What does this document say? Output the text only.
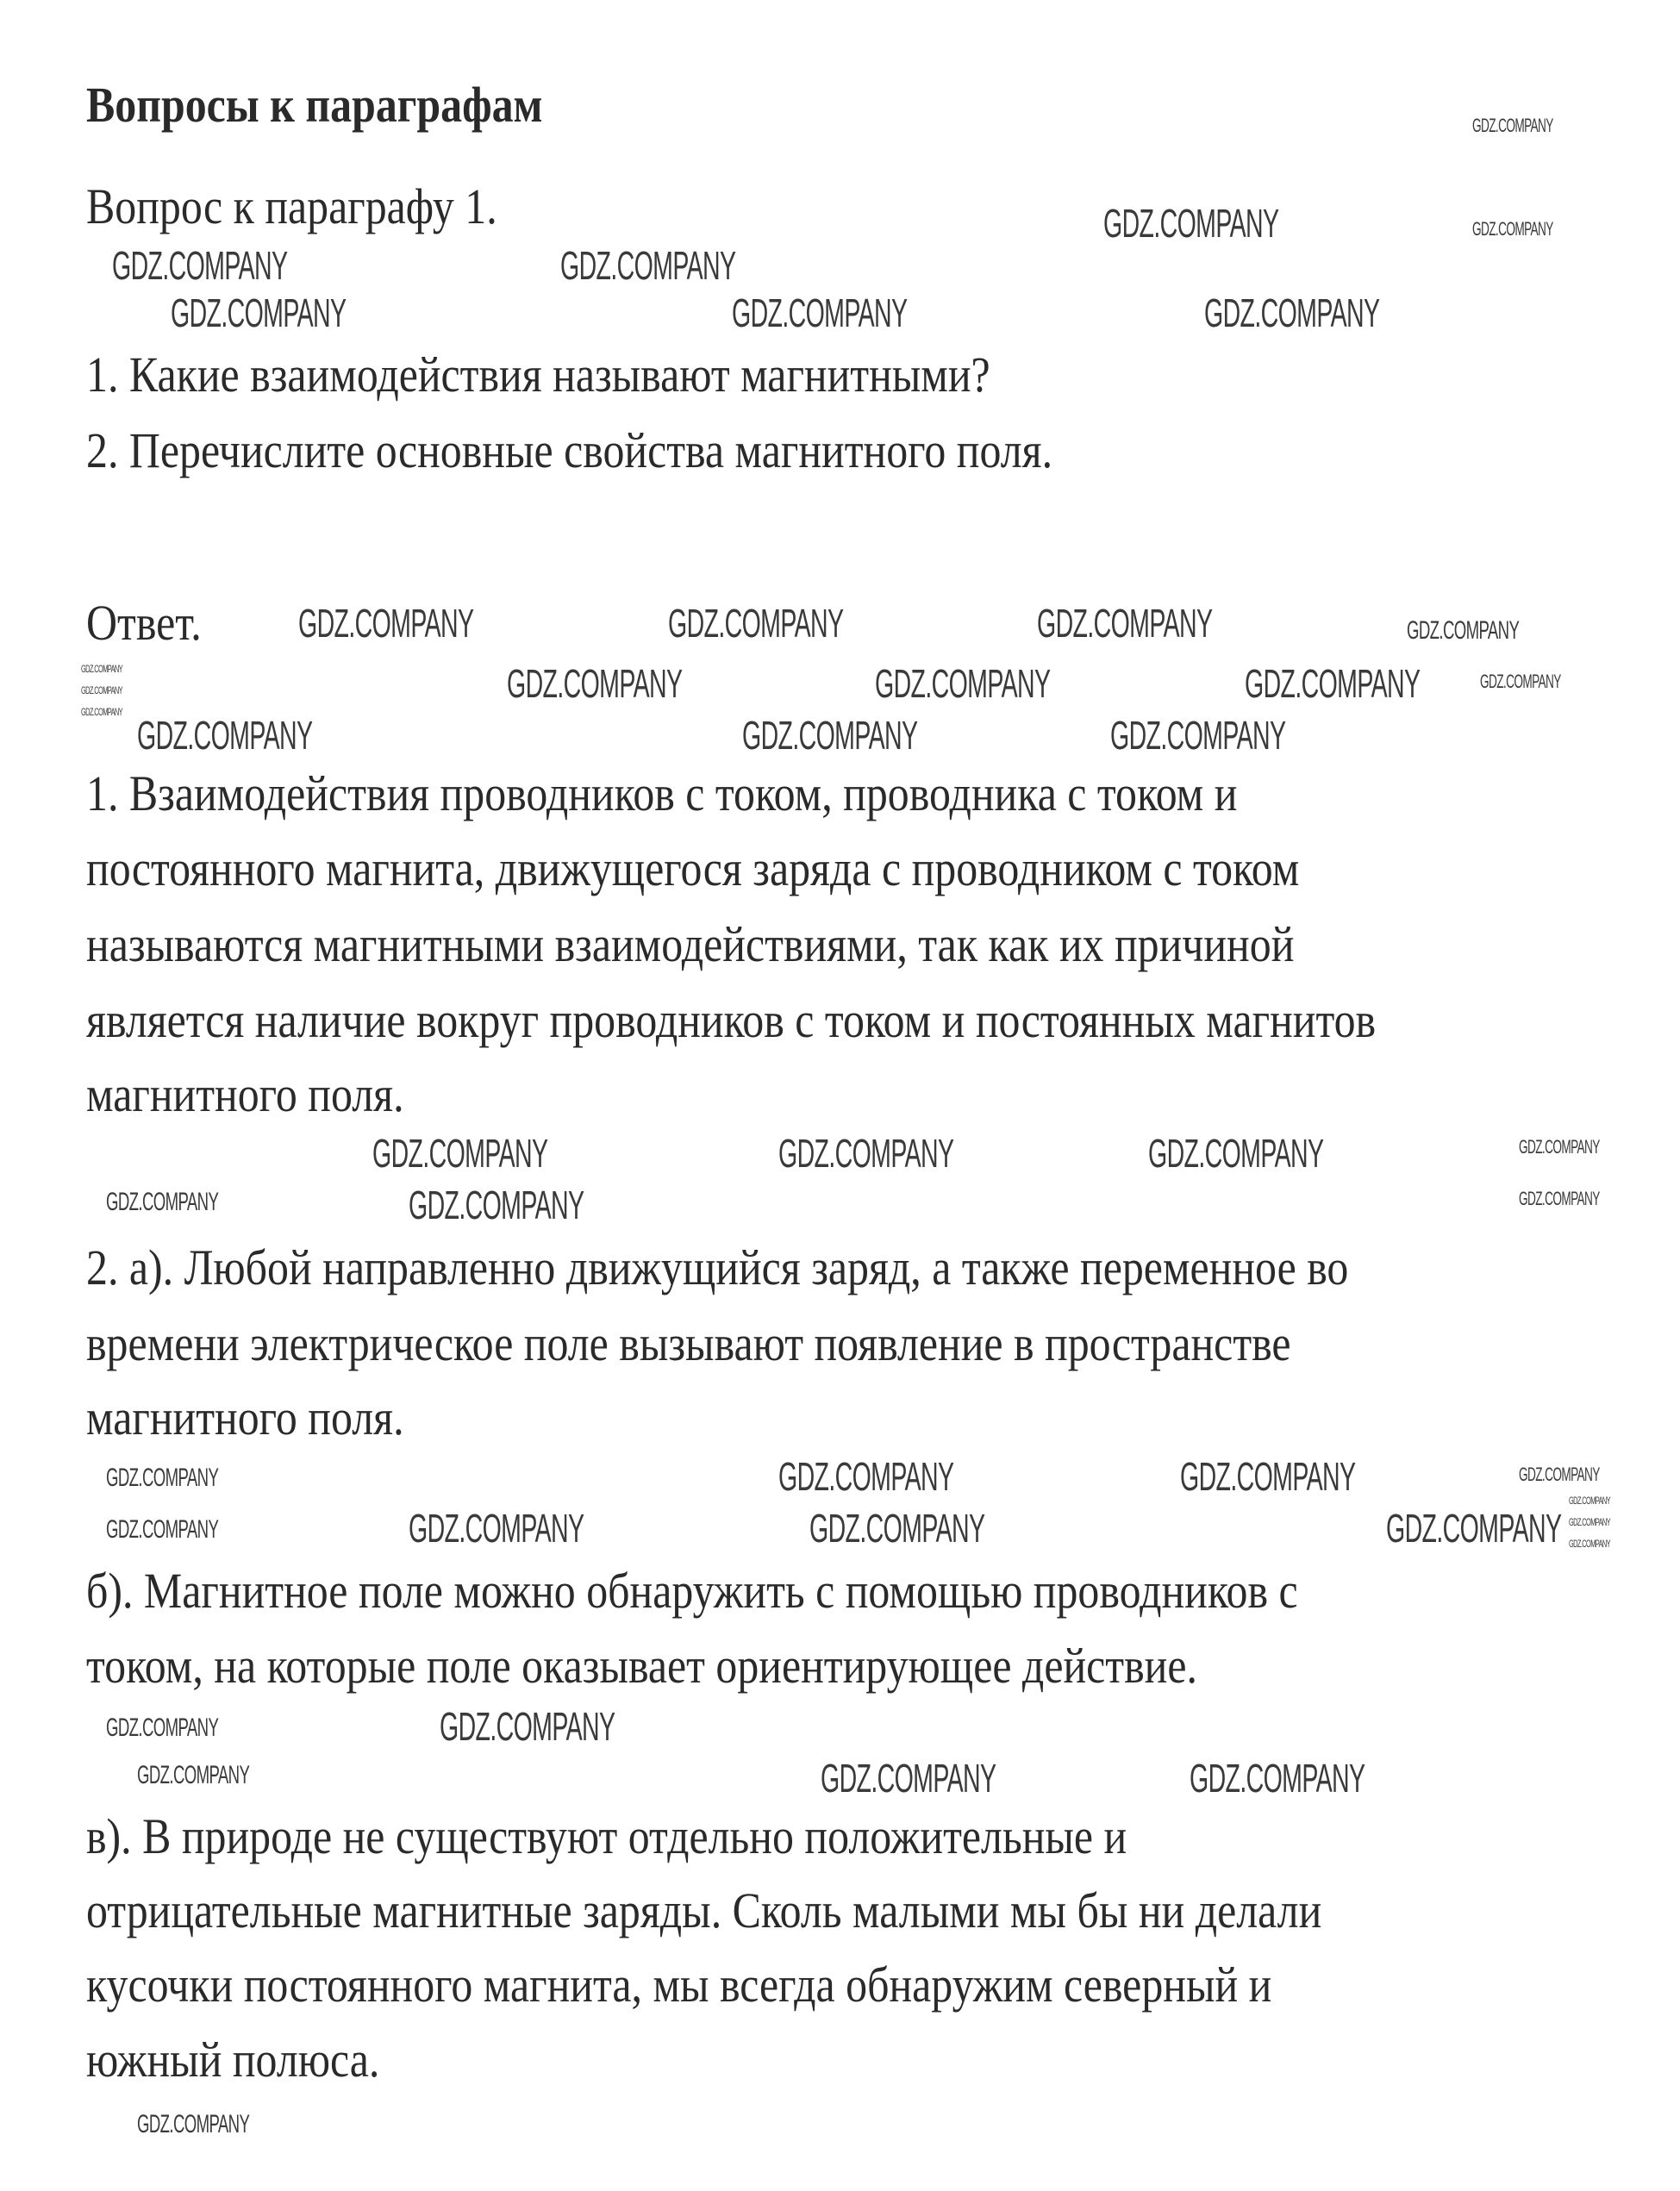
Вопросы к параграфам
Вопрос к параграфу 1.
1. Какие взаимодействия называют магнитными?
2. Перечислите основные свойства магнитного поля.
Ответ.
1. Взаимодействия проводников с током, проводника с током и
постоянного магнита, движущегося заряда с проводником с током
называются магнитными взаимодействиями, так как их причиной
является наличие вокруг проводников с током и постоянных магнитов
магнитного поля.
2. а). Любой направленно движущийся заряд, а также переменное во
времени электрическое поле вызывают появление в пространстве
магнитного поля.
б). Магнитное поле можно обнаружить с помощью проводников с
током, на которые поле оказывает ориентирующее действие.
в). В природе не существуют отдельно положительные и
отрицательные магнитные заряды. Сколь малыми мы бы ни делали
кусочки постоянного магнита, мы всегда обнаружим северный и
южный полюса.
GDZ.COMPANY	GDZ.COMPANY
GDZ.COMPANY
GDZ.COMPANY	GDZ.COMPANY	GDZ.COMPANY
GDZ.COMPANY	GDZ.COMPANY	GDZ.COMPANY
GDZ.COMPANY	GDZ.COMPANY	GDZ.COMPANY
GDZ.COMPANY	GDZ.COMPANY
GDZ.COMPANY
GDZ.COMPANY	GDZ.COMPANY	GDZ.COMPANY
GDZ.COMPANY
GDZ.COMPANY	GDZ.COMPANY
GDZ.COMPANY	GDZ.COMPANY	GDZ.COMPANY
GDZ.COMPANY
GDZ.COMPANY	GDZ.COMPANY
GDZ.COMPANY
GDZ.COMPANY
GDZ.COMPANY
GDZ.COMPANY
GDZ.COMPANY
GDZ.COMPANY
GDZ.COMPANY
GDZ.COMPANY
GDZ.COMPANY
GDZ.COMPANY
GDZ.COMPANY
GDZ.COMPANY
GDZ.COMPANY
GDZ.COMPANY
GDZ.COMPANY
GDZ.COMPANY
GDZ.COMPANY
GDZ.COMPANY
GDZ.COMPANY
